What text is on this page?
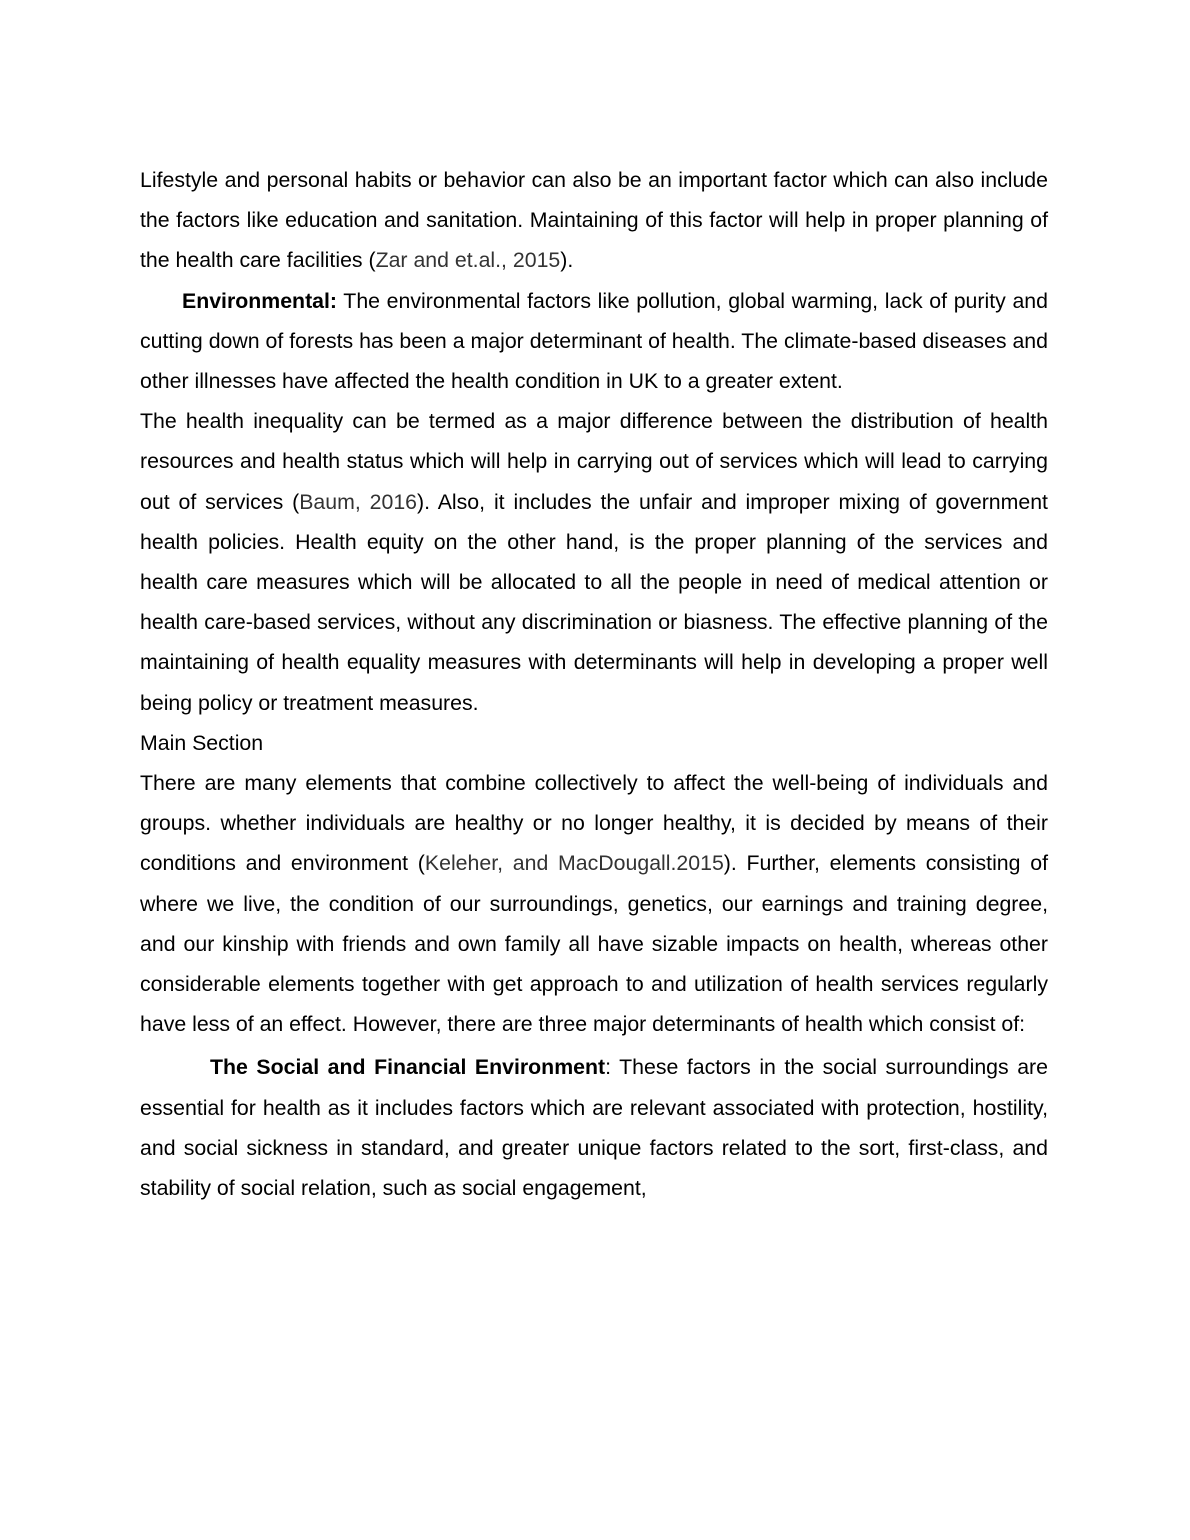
Lifestyle and personal habits or behavior can also be an important factor which can also include the factors like education and sanitation. Maintaining of this factor will help in proper planning of the health care facilities (Zar and et.al., 2015).

Environmental: The environmental factors like pollution, global warming, lack of purity and cutting down of forests has been a major determinant of health. The climate-based diseases and other illnesses have affected the health condition in UK to a greater extent.

The health inequality can be termed as a major difference between the distribution of health resources and health status which will help in carrying out of services which will lead to carrying out of services (Baum, 2016). Also, it includes the unfair and improper mixing of government health policies. Health equity on the other hand, is the proper planning of the services and health care measures which will be allocated to all the people in need of medical attention or health care-based services, without any discrimination or biasness. The effective planning of the maintaining of health equality measures with determinants will help in developing a proper well being policy or treatment measures.

Main Section

There are many elements that combine collectively to affect the well-being of individuals and groups. whether individuals are healthy or no longer healthy, it is decided by means of their conditions and environment (Keleher, and MacDougall.2015). Further, elements consisting of where we live, the condition of our surroundings, genetics, our earnings and training degree, and our kinship with friends and own family all have sizable impacts on health, whereas other considerable elements together with get approach to and utilization of health services regularly have less of an effect. However, there are three major determinants of health which consist of:

The Social and Financial Environment: These factors in the social surroundings are essential for health as it includes factors which are relevant associated with protection, hostility, and social sickness in standard, and greater unique factors related to the sort, first-class, and stability of social relation, such as social engagement,
